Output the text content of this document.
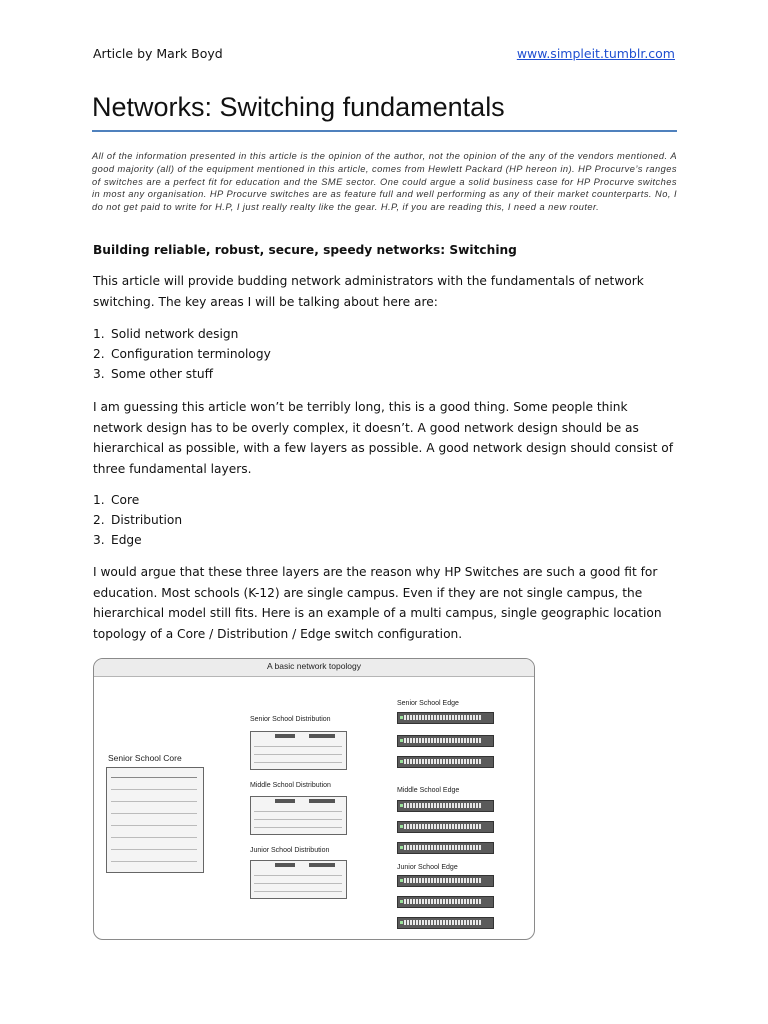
Article by Mark Boyd	www.simpleit.tumblr.com
Networks: Switching fundamentals
All of the information presented in this article is the opinion of the author, not the opinion of the any of the vendors mentioned. A good majority (all) of the equipment mentioned in this article, comes from Hewlett Packard (HP hereon in). HP Procurve’s ranges of switches are a perfect fit for education and the SME sector. One could argue a solid business case for HP Procurve switches in most any organisation. HP Procurve switches are as feature full and well performing as any of their market counterparts. No, I do not get paid to write for H.P, I just really realty like the gear. H.P, if you are reading this, I need a new router.
Building reliable, robust, secure, speedy networks: Switching
This article will provide budding network administrators with the fundamentals of network switching. The key areas I will be talking about here are:
1. Solid network design
2. Configuration terminology
3. Some other stuff
I am guessing this article won’t be terribly long, this is a good thing. Some people think network design has to be overly complex, it doesn’t. A good network design should be as hierarchical as possible, with a few layers as possible. A good network design should consist of three fundamental layers.
1. Core
2. Distribution
3. Edge
I would argue that these three layers are the reason why HP Switches are such a good fit for education. Most schools (K-12) are single campus. Even if they are not single campus, the hierarchical model still fits. Here is an example of a multi campus, single geographic location topology of a Core / Distribution / Edge switch configuration.
A basic network topology
Senior School Core
Senior School Distribution
Middle School Distribution
Junior School Distribution
Senior School Edge
Middle School Edge
Junior School Edge
